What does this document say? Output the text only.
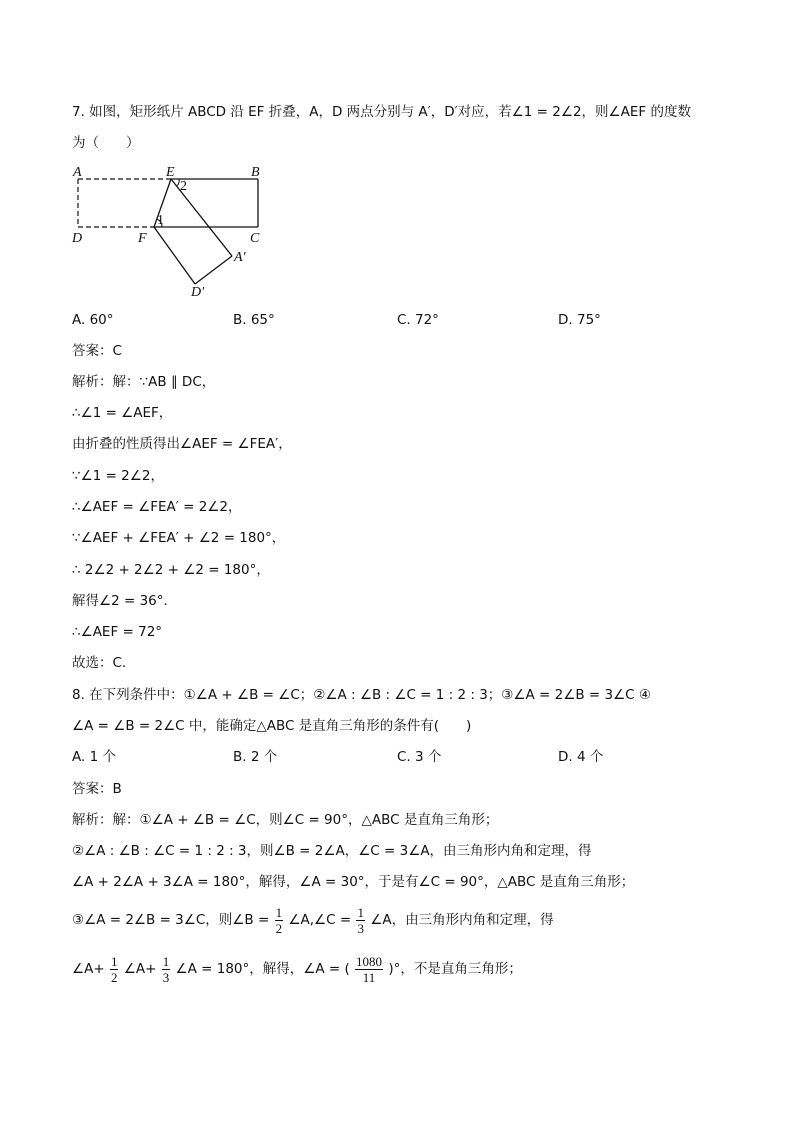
7. 如图，矩形纸片 ABCD 沿 EF 折叠，A，D 两点分别与 A′，D′对应，若∠1 = 2∠2，则∠AEF 的度数
为（　　）
A	E
2
B
1
D	F	C
A′
D′
A. 60°	B. 65°	C. 72°	D. 75°
答案：C
解析：解：∵AB ∥ DC，
∴∠1 = ∠AEF，
由折叠的性质得出∠AEF = ∠FEA′，
∵∠1 = 2∠2，
∴∠AEF = ∠FEA′ = 2∠2，
∵∠AEF + ∠FEA′ + ∠2 = 180°，
∴ 2∠2 + 2∠2 + ∠2 = 180°，
解得∠2 = 36°．
∴∠AEF = 72°
故选：C．
8. 在下列条件中：①∠A + ∠B = ∠C；②∠A : ∠B : ∠C = 1 : 2 : 3；③∠A = 2∠B = 3∠C ④
∠A = ∠B = 2∠C 中，能确定△ABC 是直角三角形的条件有(　　)
A. 1 个	B. 2 个	C. 3 个	D. 4 个
答案：B
解析：解：①∠A + ∠B = ∠C，则∠C = 90°，△ABC 是直角三角形；
②∠A : ∠B : ∠C = 1 : 2 : 3，则∠B = 2∠A，∠C = 3∠A，由三角形内角和定理，得
∠A + 2∠A + 3∠A = 180°，解得，∠A = 30°，于是有∠C = 90°，△ABC 是直角三角形；
③∠A = 2∠B = 3∠C，则∠B = $\frac{1}{2}$ ∠A,∠C = $\frac{1}{3}$ ∠A，由三角形内角和定理，得
∠A+ $\frac{1}{2}$ ∠A+ $\frac{1}{3}$ ∠A = 180°，解得，∠A = ( $\frac{1080}{11}$ )°，不是直角三角形；
